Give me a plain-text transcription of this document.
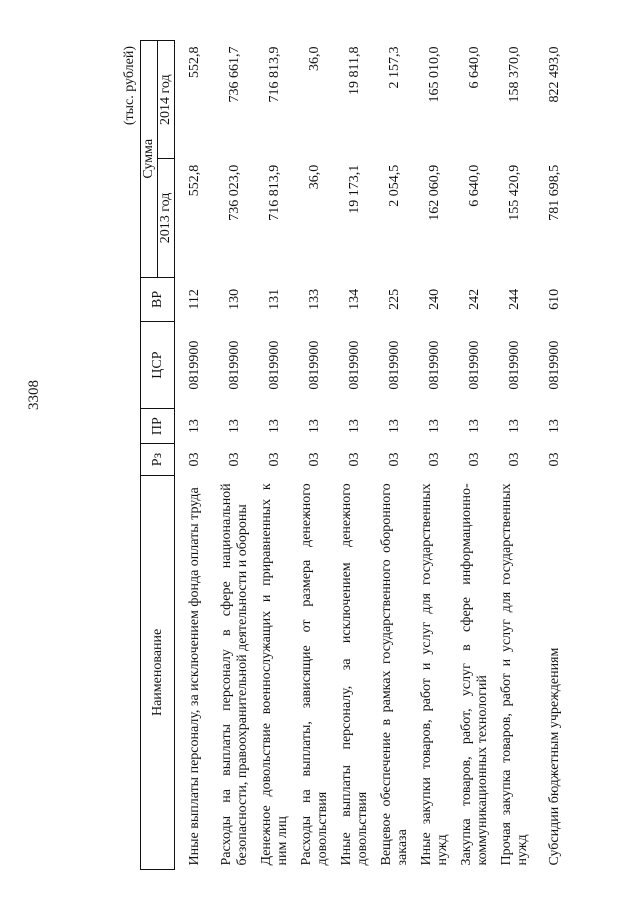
3308
(тыс. рублей)
Наименование	Рз	ПР	ЦСР	ВР	Сумма	
					2013 год	2014 год
Иные выплаты персоналу, за исключением фонда оплаты труда	03	13	0819900	112	552,8	552,8
Расходы на выплаты персоналу в сфере национальной безопасности, правоохранительной деятельности и обороны	03	13	0819900	130	736 023,0	736 661,7
Денежное довольствие военнослужащих и приравненных к ним лиц	03	13	0819900	131	716 813,9	716 813,9
Расходы на выплаты, зависящие от размера денежного довольствия	03	13	0819900	133	36,0	36,0
Иные выплаты персоналу, за исключением денежного довольствия	03	13	0819900	134	19 173,1	19 811,8
Вещевое обеспечение в рамках государственного оборонного заказа	03	13	0819900	225	2 054,5	2 157,3
Иные закупки товаров, работ и услуг для государственных нужд	03	13	0819900	240	162 060,9	165 010,0
Закупка товаров, работ, услуг в сфере информационно-коммуникационных технологий	03	13	0819900	242	6 640,0	6 640,0
Прочая закупка товаров, работ и услуг для государственных нужд	03	13	0819900	244	155 420,9	158 370,0
Субсидии бюджетным учреждениям	03	13	0819900	610	781 698,5	822 493,0
